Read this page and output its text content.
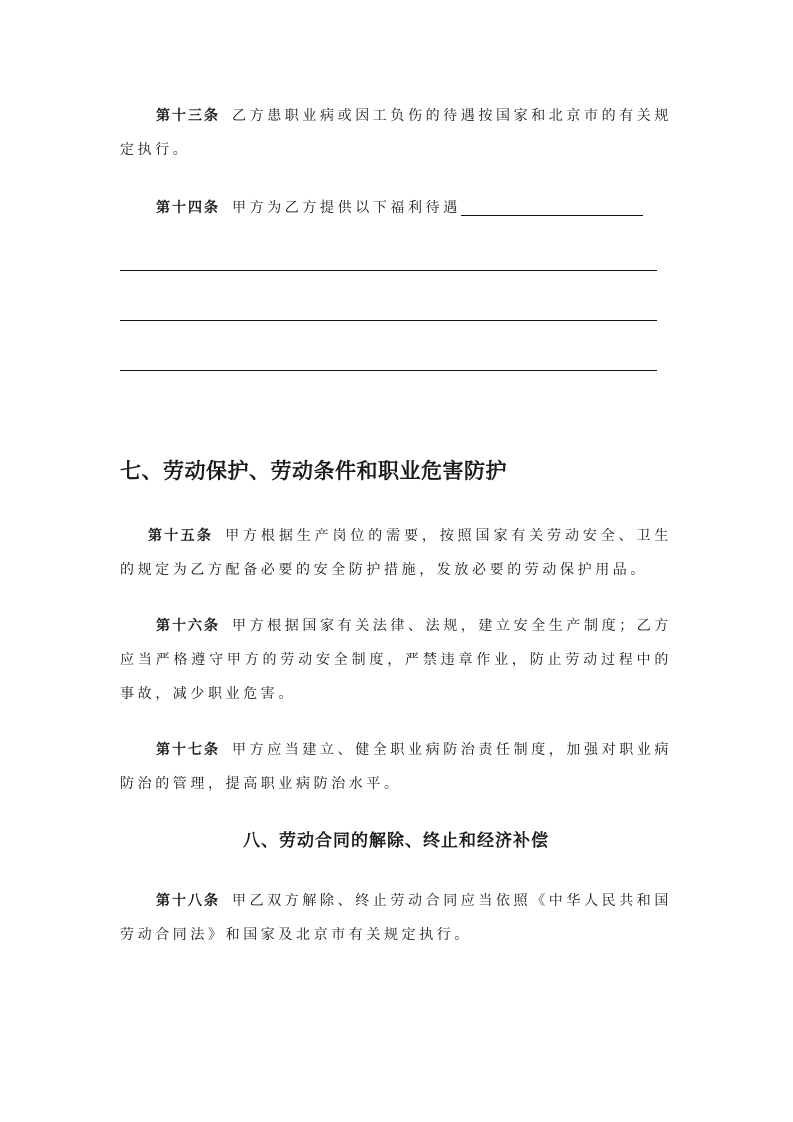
第十三条 乙方患职业病或因工负伤的待遇按国家和北京市的有关规定执行。

第十四条 甲方为乙方提供以下福利待遇

七、劳动保护、劳动条件和职业危害防护

第十五条 甲方根据生产岗位的需要，按照国家有关劳动安全、卫生的规定为乙方配备必要的安全防护措施，发放必要的劳动保护用品。

第十六条 甲方根据国家有关法律、法规，建立安全生产制度；乙方应当严格遵守甲方的劳动安全制度，严禁违章作业，防止劳动过程中的事故，减少职业危害。

第十七条 甲方应当建立、健全职业病防治责任制度，加强对职业病防治的管理，提高职业病防治水平。

八、劳动合同的解除、终止和经济补偿

第十八条 甲乙双方解除、终止劳动合同应当依照《中华人民共和国劳动合同法》和国家及北京市有关规定执行。
